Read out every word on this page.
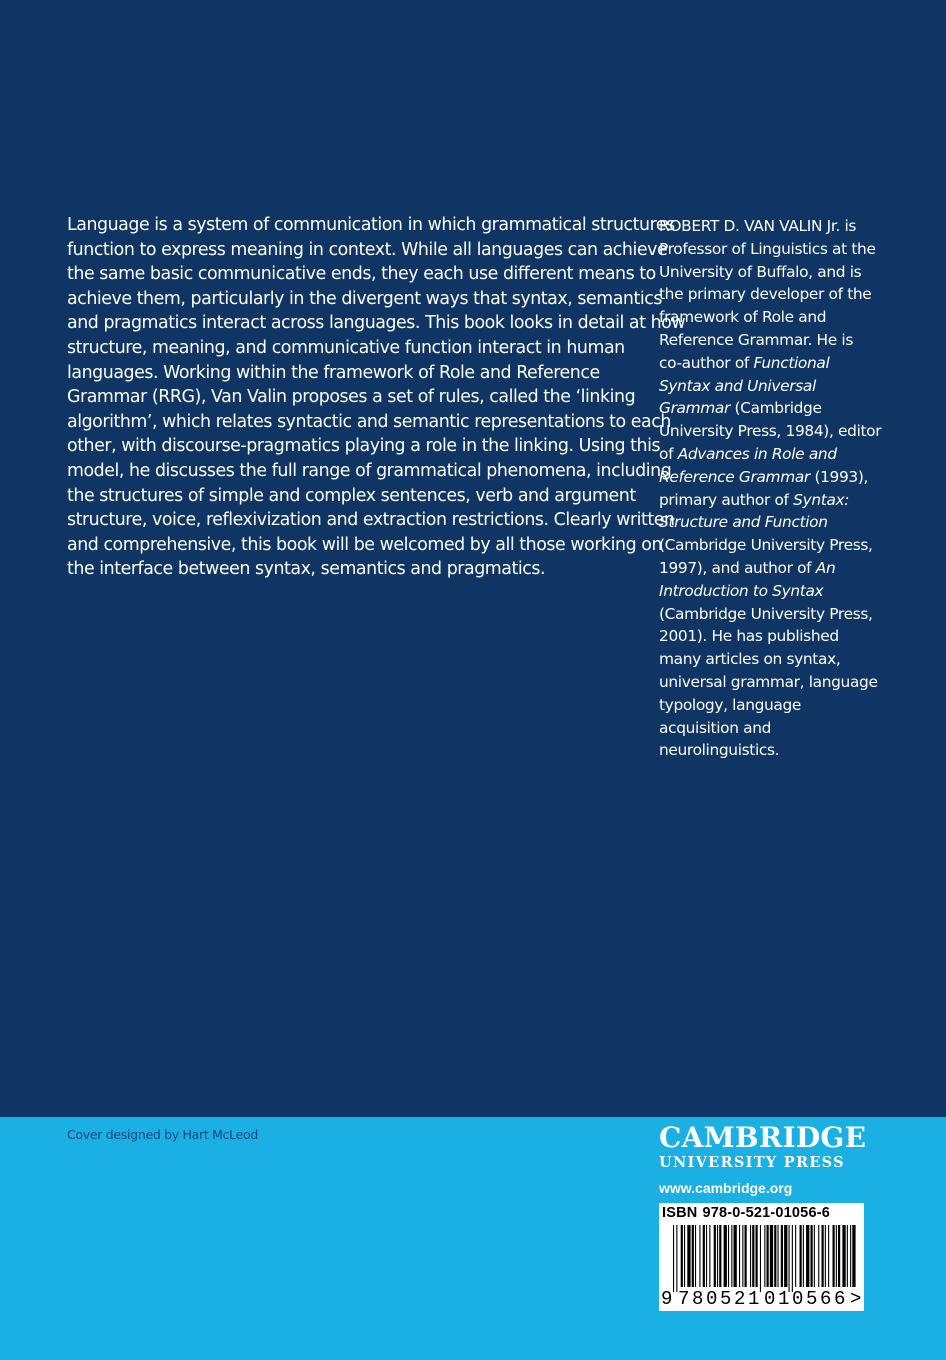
Language is a system of communication in which grammatical structures
function to express meaning in context. While all languages can achieve
the same basic communicative ends, they each use different means to
achieve them, particularly in the divergent ways that syntax, semantics
and pragmatics interact across languages. This book looks in detail at how
structure, meaning, and communicative function interact in human
languages. Working within the framework of Role and Reference
Grammar (RRG), Van Valin proposes a set of rules, called the ‘linking
algorithm’, which relates syntactic and semantic representations to each
other, with discourse-pragmatics playing a role in the linking. Using this
model, he discusses the full range of grammatical phenomena, including
the structures of simple and complex sentences, verb and argument
structure, voice, reflexivization and extraction restrictions. Clearly written
and comprehensive, this book will be welcomed by all those working on
the interface between syntax, semantics and pragmatics.
ROBERT D. VAN VALIN Jr. is
Professor of Linguistics at the
University of Buffalo, and is
the primary developer of the
framework of Role and
Reference Grammar. He is
co-author of Functional
Syntax and Universal
Grammar (Cambridge
University Press, 1984), editor
of Advances in Role and
Reference Grammar (1993),
primary author of Syntax:
Structure and Function
(Cambridge University Press,
1997), and author of An
Introduction to Syntax
(Cambridge University Press,
2001). He has published
many articles on syntax,
universal grammar, language
typology, language
acquisition and
neurolinguistics.
Cover designed by Hart McLeod	CAMBRIDGE
UNIVERSITY PRESS
www.cambridge.org
ISBN 978-0-521-01056-6
9 780521 010566 >
